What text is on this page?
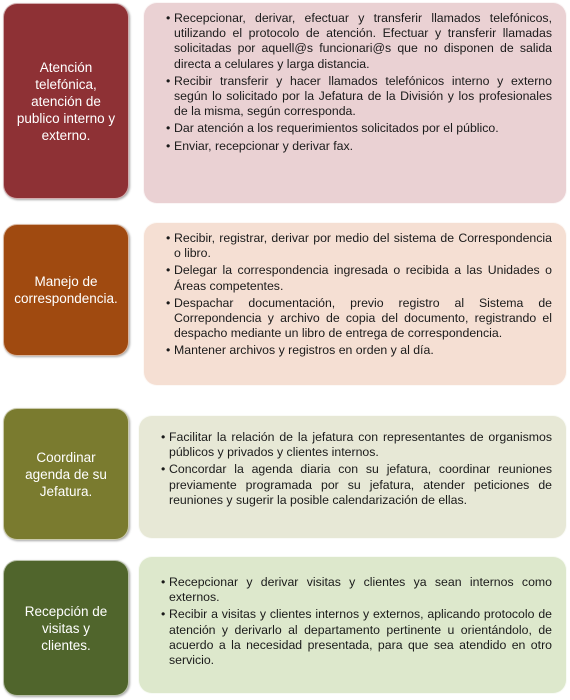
Atención telefónica, atención de publico interno y externo.
• Recepcionar, derivar, efectuar y transferir llamados telefónicos, utilizando el protocolo de atención. Efectuar y transferir llamadas solicitadas por aquell@s funcionari@s que no disponen de salida directa a celulares y larga distancia.
• Recibir transferir y hacer llamados telefónicos interno y externo según lo solicitado por la Jefatura de la División y los profesionales de la misma, según corresponda.
• Dar atención a los requerimientos solicitados por el público.
• Enviar, recepcionar y derivar fax.
Manejo de correspondencia.
• Recibir, registrar, derivar por medio del sistema de Correspondencia o libro.
• Delegar la correspondencia ingresada o recibida a las Unidades o Áreas competentes.
• Despachar documentación, previo registro al Sistema de Correpondencia y archivo de copia del documento, registrando el despacho mediante un libro de entrega de correspondencia.
• Mantener archivos y registros en orden y al día.
Coordinar agenda de su Jefatura.
• Facilitar la relación de la jefatura con representantes de organismos públicos y privados y clientes internos.
• Concordar la agenda diaria con su jefatura, coordinar reuniones previamente programada por su jefatura, atender peticiones de reuniones y sugerir la posible calendarización de ellas.
Recepción de visitas y clientes.
• Recepcionar y derivar visitas y clientes ya sean internos como externos.
• Recibir a visitas y clientes internos y externos, aplicando protocolo de atención y derivarlo al departamento pertinente u orientándolo, de acuerdo a la necesidad presentada, para que sea atendido en otro servicio.
